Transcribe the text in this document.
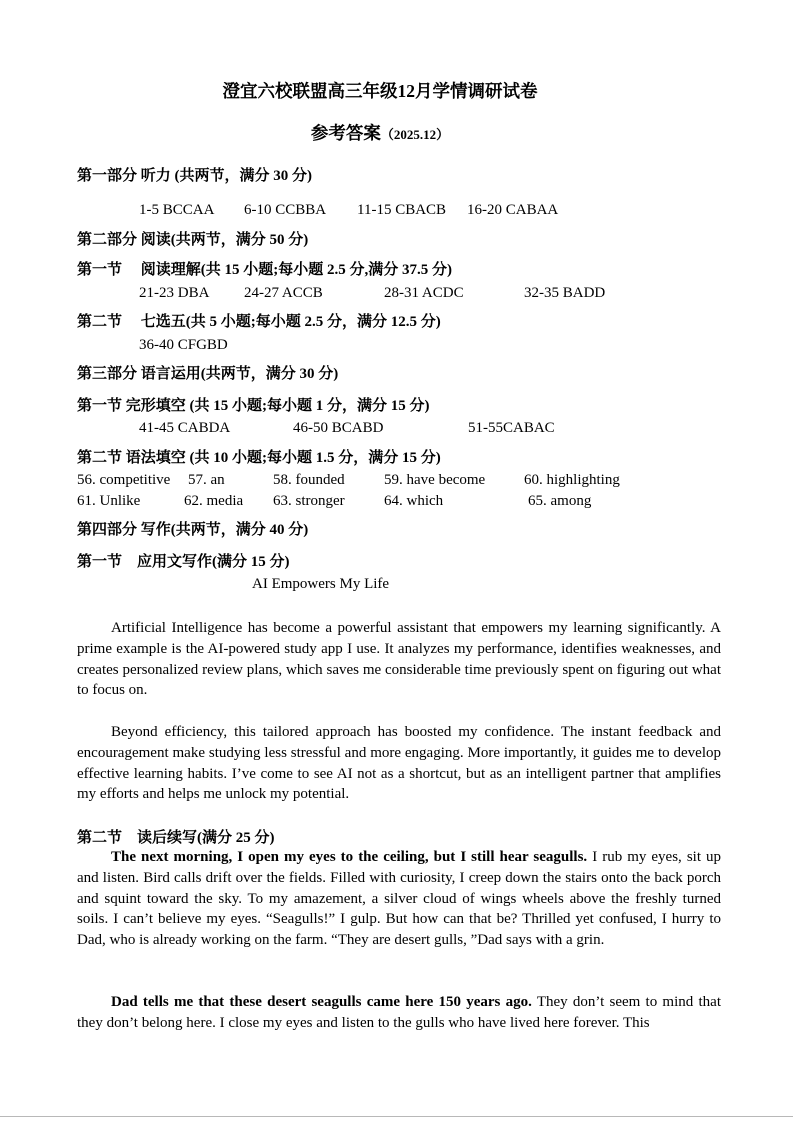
澄宜六校联盟高三年级12月学情调研试卷
参考答案（2025.12）
第一部分 听力 (共两节，满分 30 分)
1-5 BCCAA 6-10 CCBBA 11-15 CBACB 16-20 CABAA
第二部分 阅读(共两节，满分 50 分)
第一节　 阅读理解(共 15 小题;每小题 2.5 分,满分 37.5 分)
21-23 DBA 24-27 ACCB	28-31 ACDC	32-35 BADD
第二节　 七选五(共 5 小题;每小题 2.5 分，满分 12.5 分)
36-40 CFGBD
第三部分 语言运用(共两节，满分 30 分)
第一节 完形填空 (共 15 小题;每小题 1 分，满分 15 分)
41-45 CABDA	46-50 BCABD	51-55CABAC
第二节 语法填空 (共 10 小题;每小题 1.5 分，满分 15 分)
56. competitive 57. an	58. founded	59. have become	60. highlighting
61. Unlike	62. media 63. stronger	64. which	65. among
第四部分 写作(共两节，满分 40 分)
第一节　应用文写作(满分 15 分)
AI Empowers My Life

Artificial Intelligence has become a powerful assistant that empowers my learning significantly. A prime example is the AI-powered study app I use. It analyzes my performance, identifies weaknesses, and creates personalized review plans, which saves me considerable time previously spent on figuring out what to focus on.

Beyond efficiency, this tailored approach has boosted my confidence. The instant feedback and encouragement make studying less stressful and more engaging. More importantly, it guides me to develop effective learning habits. I’ve come to see AI not as a shortcut, but as an intelligent partner that amplifies my efforts and helps me unlock my potential.

第二节　读后续写(满分 25 分)

The next morning, I open my eyes to the ceiling, but I still hear seagulls. I rub my eyes, sit up and listen. Bird calls drift over the fields. Filled with curiosity, I creep down the stairs onto the back porch and squint toward the sky. To my amazement, a silver cloud of wings wheels above the freshly turned soils. I can’t believe my eyes. “Seagulls!” I gulp. But how can that be? Thrilled yet confused, I hurry to Dad, who is already working on the farm. “They are desert gulls, ”Dad says with a grin.

Dad tells me that these desert seagulls came here 150 years ago. They don’t seem to mind that they don’t belong here. I close my eyes and listen to the gulls who have lived here forever. This
